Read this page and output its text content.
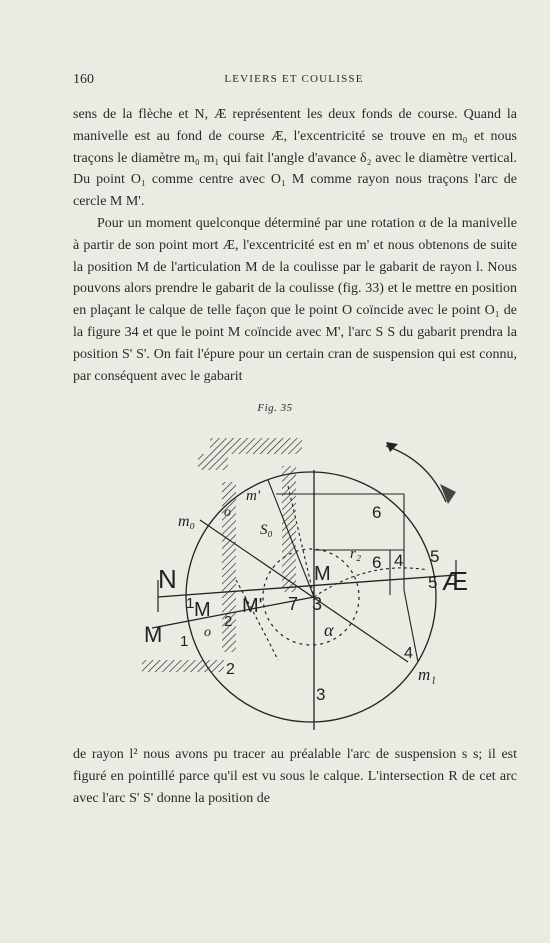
160	LEVIERS ET COULISSE

sens de la flèche et N, Æ représentent les deux fonds de course. Quand la manivelle est au fond de course Æ, l'excentricité se trouve en m₀ et nous traçons le diamètre m₀ m₁ qui fait l'angle d'avance δ₂ avec le diamètre vertical. Du point O₁ comme centre avec O₁ M comme rayon nous traçons l'arc de cercle M M'.

Pour un moment quelconque déterminé par une rotation α de la manivelle à partir de son point mort Æ, l'excentricité est en m' et nous obtenons de suite la position M de l'articulation M de la coulisse par le gabarit de rayon l. Nous pouvons alors prendre le gabarit de la coulisse (fig. 33) et le mettre en position en plaçant le calque de telle façon que le point O coïncide avec le point O₁ de la figure 34 et que le point M coïncide avec M', l'arc S S du gabarit prendra la position S' S'. On fait l'épure pour un certain cran de suspension qui est connu, par conséquent avec le gabarit

Fig. 35
m₀
o
m'
S₀
6
r₂ 6 4 5
5 Æ
N	M
1 M M' 7 3
M 1
α
o
2
2
4
m₁
3

de rayon l² nous avons pu tracer au préalable l'arc de suspension s s; il est figuré en pointillé parce qu'il est vu sous le calque. L'intersection R de cet arc avec l'arc S' S' donne la position de
